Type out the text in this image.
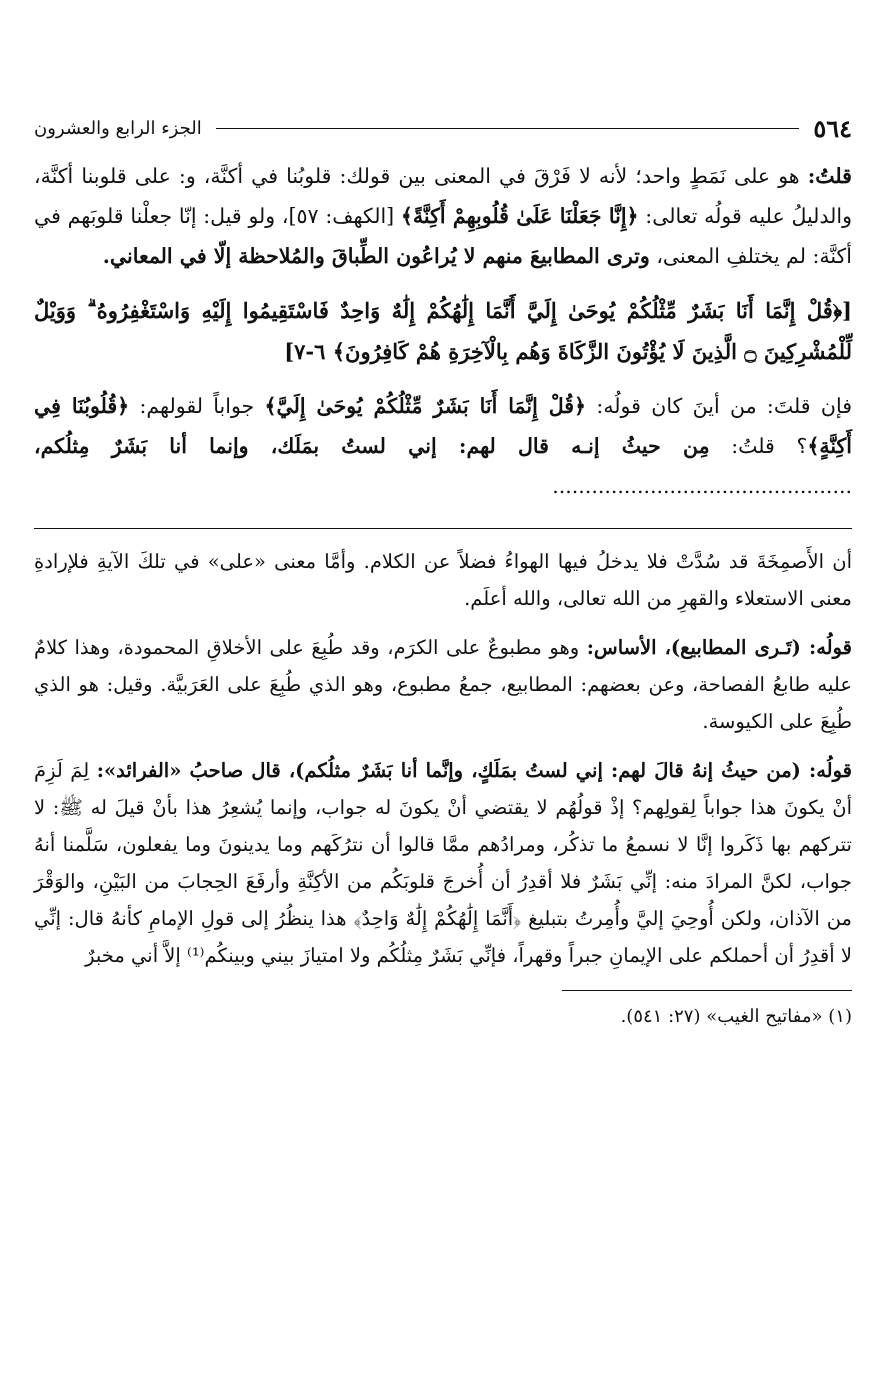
٥٦٤
الجزء الرابع والعشرون

قلتُ: هو على نَمَطٍ واحد؛ لأنه لا فَرْقَ في المعنى بين قولك: قلوبُنا في أكنَّة، و: على قلوبنا أكنَّة، والدليلُ عليه قولُه تعالى: ﴿إِنَّا جَعَلْنَا عَلَىٰ قُلُوبِهِمْ أَكِنَّةً﴾ [الكهف: ٥٧]، ولو قيل: إنّا جعلْنا قلوبَهم في أكنَّة: لم يختلفِ المعنى، وترى المطابيعَ منهم لا يُراعُون الطِّباقَ والمُلاحظة إلّا في المعاني.

[﴿قُلْ إِنَّمَا أَنَا بَشَرٌ مِّثْلُكُمْ يُوحَىٰ إِلَيَّ أَنَّمَا إِلَٰهُكُمْ إِلَٰهٌ وَاحِدٌ فَاسْتَقِيمُوا إِلَيْهِ وَاسْتَغْفِرُوهُ ۗ وَوَيْلٌ لِّلْمُشْرِكِينَ ۝ الَّذِينَ لَا يُؤْتُونَ الزَّكَاةَ وَهُم بِالْآخِرَةِ هُمْ كَافِرُونَ﴾ ٦-٧]

فإن قلتَ: من أينَ كان قولُه: ﴿قُلْ إِنَّمَا أَنَا بَشَرٌ مِّثْلُكُمْ يُوحَىٰ إِلَيَّ﴾ جواباً لقولهم: ﴿قُلُوبُنَا فِي أَكِنَّةٍ﴾؟ قلتُ: مِن حيثُ إنـه قال لهم: إني لستُ بمَلَك، وإنما أنا بَشَرٌ مِثلُكم، ..............................................

أن الأَصمِخَةَ قد سُدَّتْ فلا يدخلُ فيها الهواءُ فضلاً عن الكلام. وأمَّا معنى «على» في تلكَ الآيةِ فلإرادةِ معنى الاستعلاء والقهرِ من الله تعالى، والله أعلَم.

قولُه: (تَـرى المطابيع)، الأساس: وهو مطبوعٌ على الكرَم، وقد طُبِعَ على الأخلاقِ المحمودة، وهذا كلامٌ عليه طابعُ الفصاحة، وعن بعضهم: المطابيع، جمعُ مطبوع، وهو الذي طُبِعَ على العَرَبيَّة. وقيل: هو الذي طُبِعَ على الكيوسة.

قولُه: (من حيثُ إنهُ قالَ لهم: إني لستُ بمَلَكٍ، وإنَّما أنا بَشَرٌ مثلُكم)، قال صاحبُ «الفرائد»: لِمَ لَزِمَ أنْ يكونَ هذا جواباً لِقولِهم؟ إذْ قولُهُم لا يقتضي أنْ يكونَ له جواب، وإنما يُشعِرُ هذا بأنْ قيلَ له ﷺ: لا تتركهم بها ذَكَروا إنَّا لا نسمعُ ما تذكُر، ومرادُهم ممَّا قالوا أن نترُكَهم وما يدينونَ وما يفعلون، سَلَّمنا أنهُ جواب، لكنَّ المرادَ منه: إنِّي بَشَرٌ فلا أقدِرُ أن أُخرجَ قلوبَكُم من الأكِنَّةِ وأرفَعَ الحِجابَ من البَيْنِ، والوَقْرَ من الآذان، ولكن أُوحِيَ إليَّ وأُمِرتُ بتبليغ ﴿أَنَّمَا إِلَٰهُكُمْ إِلَٰهٌ وَاحِدٌ﴾ هذا ينظُرُ إلى قولِ الإمامِ كأنهُ قال: إنِّي لا أقدِرُ أن أحملكم على الإيمانِ جبراً وقهراً، فإنِّي بَشَرٌ مِثلُكُم ولا امتيازَ بيني وبينكُم⁽¹⁾ إلاَّ أني مخبرٌ

(١) «مفاتيح الغيب» (٢٧: ٥٤١).
